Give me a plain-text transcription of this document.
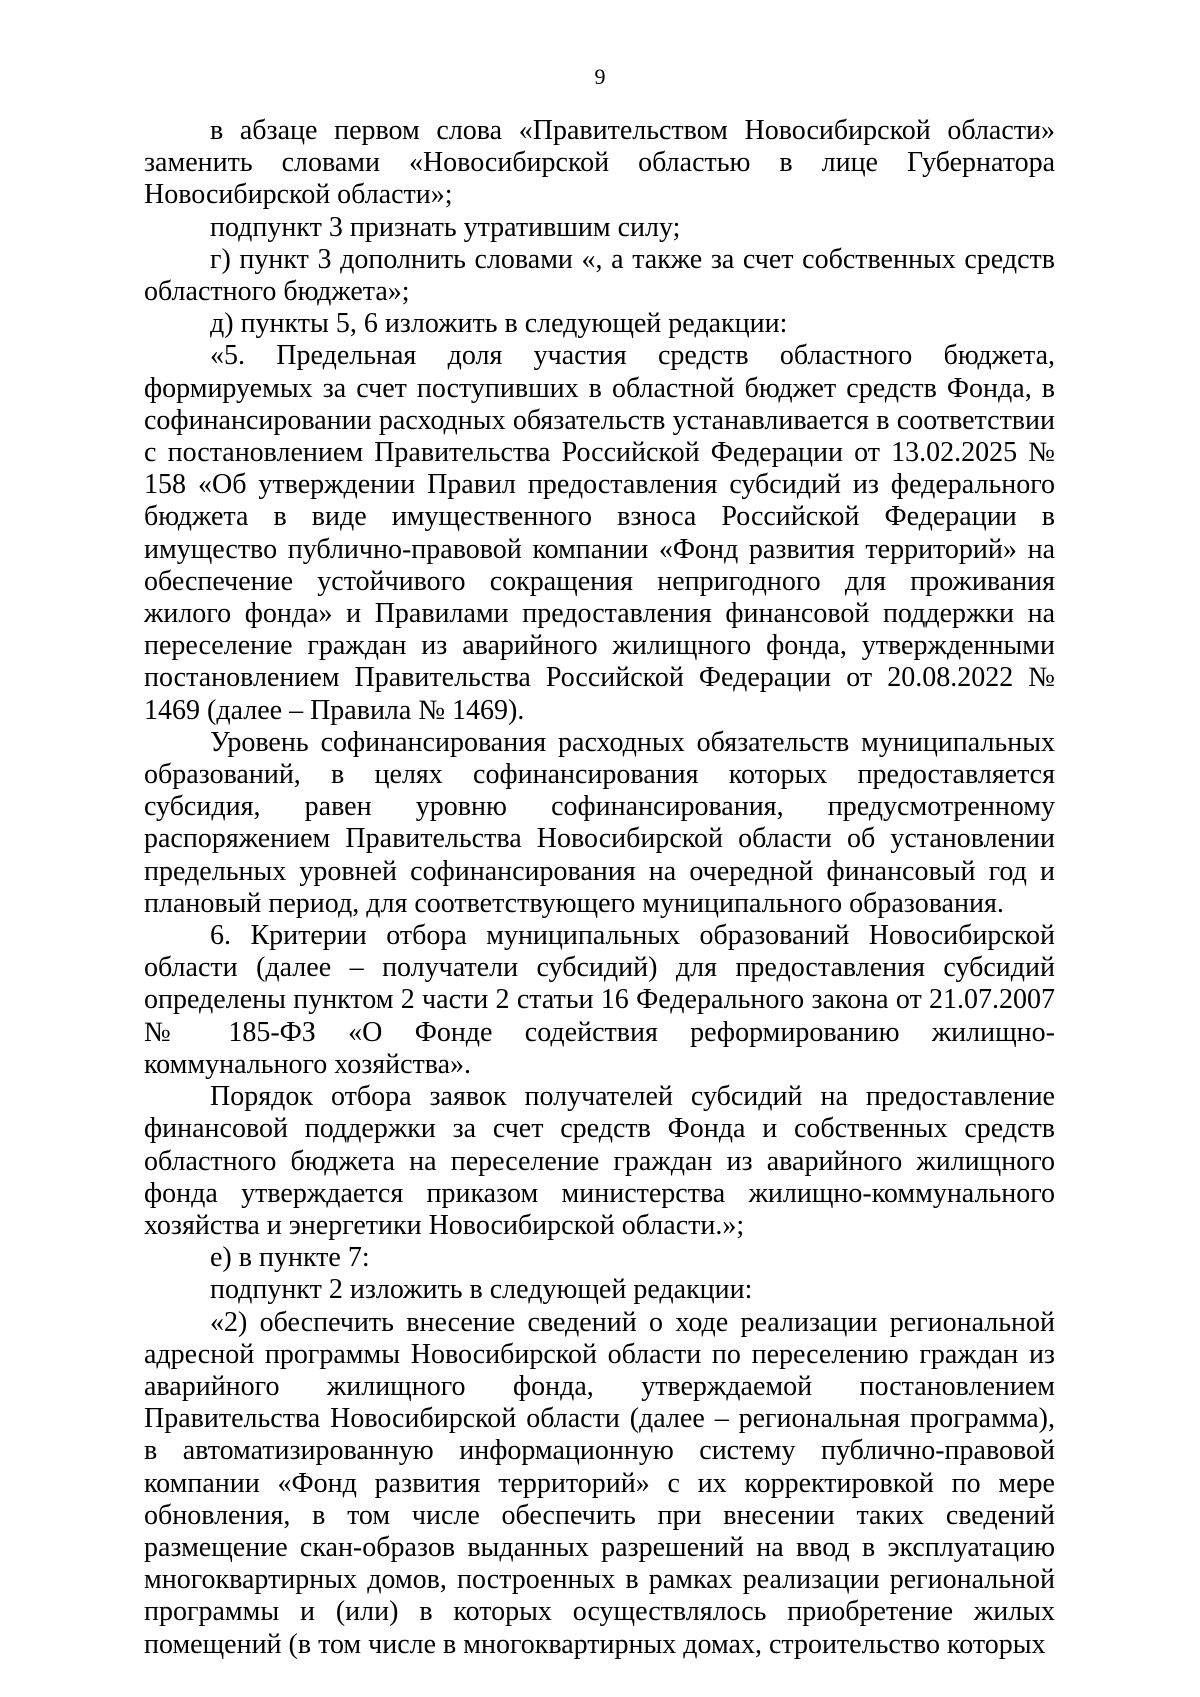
9

в абзаце первом слова «Правительством Новосибирской области» заменить словами «Новосибирской областью в лице Губернатора Новосибирской области»;

подпункт 3 признать утратившим силу;

г) пункт 3 дополнить словами «, а также за счет собственных средств областного бюджета»;

д) пункты 5, 6 изложить в следующей редакции:

«5. Предельная доля участия средств областного бюджета, формируемых за счет поступивших в областной бюджет средств Фонда, в софинансировании расходных обязательств устанавливается в соответствии с постановлением Правительства Российской Федерации от 13.02.2025 № 158 «Об утверждении Правил предоставления субсидий из федерального бюджета в виде имущественного взноса Российской Федерации в имущество публично-правовой компании «Фонд развития территорий» на обеспечение устойчивого сокращения непригодного для проживания жилого фонда» и Правилами предоставления финансовой поддержки на переселение граждан из аварийного жилищного фонда, утвержденными постановлением Правительства Российской Федерации от 20.08.2022 № 1469 (далее – Правила № 1469).

Уровень софинансирования расходных обязательств муниципальных образований, в целях софинансирования которых предоставляется субсидия, равен уровню софинансирования, предусмотренному распоряжением Правительства Новосибирской области об установлении предельных уровней софинансирования на очередной финансовый год и плановый период, для соответствующего муниципального образования.

6. Критерии отбора муниципальных образований Новосибирской области (далее – получатели субсидий) для предоставления субсидий определены пунктом 2 части 2 статьи 16 Федерального закона от 21.07.2007 № 185-ФЗ «О Фонде содействия реформированию жилищно-коммунального хозяйства».

Порядок отбора заявок получателей субсидий на предоставление финансовой поддержки за счет средств Фонда и собственных средств областного бюджета на переселение граждан из аварийного жилищного фонда утверждается приказом министерства жилищно-коммунального хозяйства и энергетики Новосибирской области.»;

е) в пункте 7:

подпункт 2 изложить в следующей редакции:

«2) обеспечить внесение сведений о ходе реализации региональной адресной программы Новосибирской области по переселению граждан из аварийного жилищного фонда, утверждаемой постановлением Правительства Новосибирской области (далее – региональная программа), в автоматизированную информационную систему публично-правовой компании «Фонд развития территорий» с их корректировкой по мере обновления, в том числе обеспечить при внесении таких сведений размещение скан-образов выданных разрешений на ввод в эксплуатацию многоквартирных домов, построенных в рамках реализации региональной программы и (или) в которых осуществлялось приобретение жилых помещений (в том числе в многоквартирных домах, строительство которых
